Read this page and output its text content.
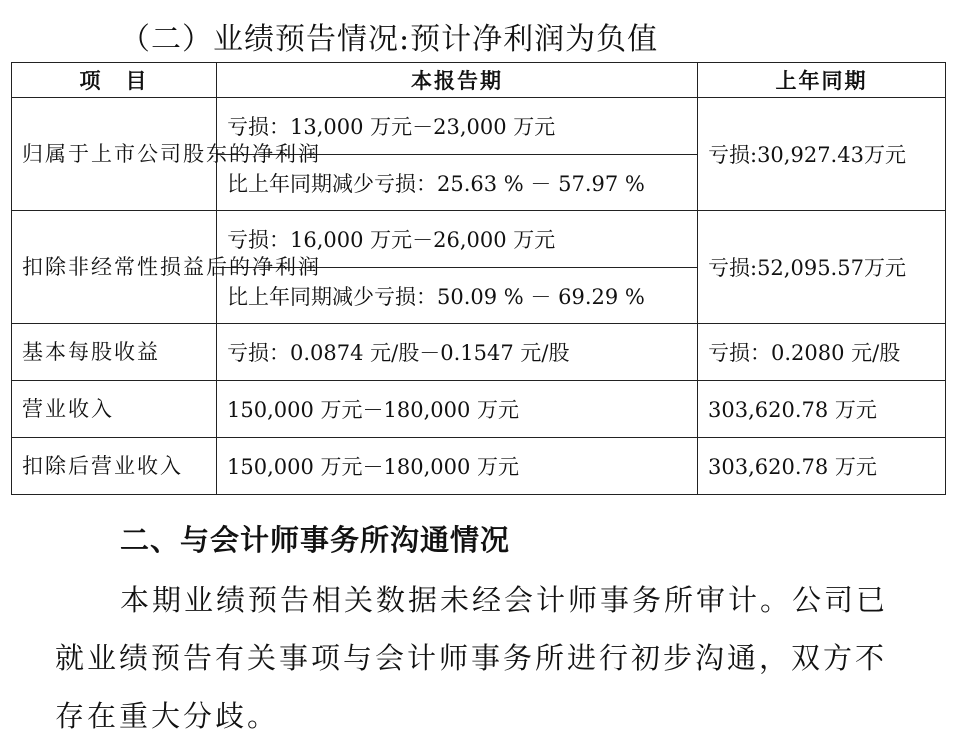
（二）业绩预告情况:预计净利润为负值
项　目	本报告期	上年同期
归属于上市公司股东的净利润	亏损：13,000 万元－23,000 万元	亏损:30,927.43万元
	比上年同期减少亏损：25.63 % － 57.97 %	
扣除非经常性损益后的净利润	亏损：16,000 万元－26,000 万元	亏损:52,095.57万元
	比上年同期减少亏损：50.09 % － 69.29 %	
基本每股收益	亏损：0.0874 元/股－0.1547 元/股	亏损：0.2080 元/股
营业收入	150,000 万元－180,000 万元	303,620.78 万元
扣除后营业收入	150,000 万元－180,000 万元	303,620.78 万元
二、与会计师事务所沟通情况
本期业绩预告相关数据未经会计师事务所审计。公司已
就业绩预告有关事项与会计师事务所进行初步沟通，双方不
存在重大分歧。
